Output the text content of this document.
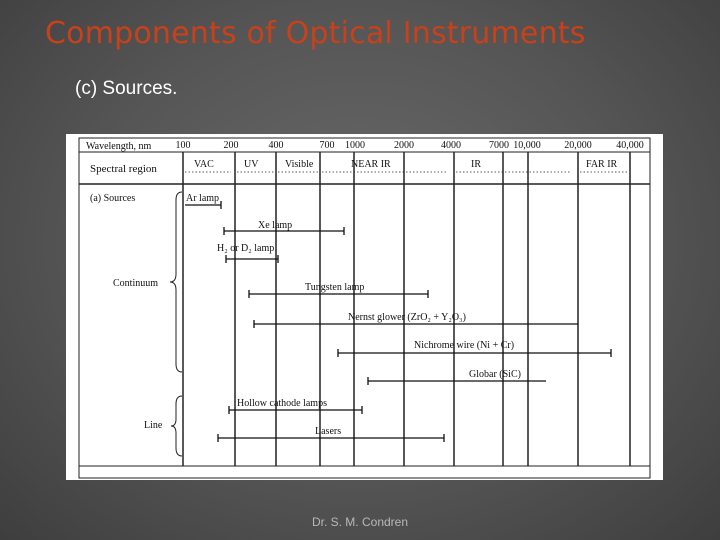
Components of Optical Instruments

(c) Sources.

Wavelength, nm 100	200	400	700 1000	2000	4000	7000 10,000 20,000 40,000
Spectral region	VAC	UV	Visible	NEAR IR	IR	FAR IR
(a) Sources
Continuum
Line
Ar lamp
Xe lamp
H₂ or D₂ lamp
Tungsten lamp
Nernst glower (ZrO₂ + Y₂O₃)
Nichrome wire (Ni + Cr)
Globar (SiC)
Hollow cathode lamps
Lasers
Dr. S. M. Condren
